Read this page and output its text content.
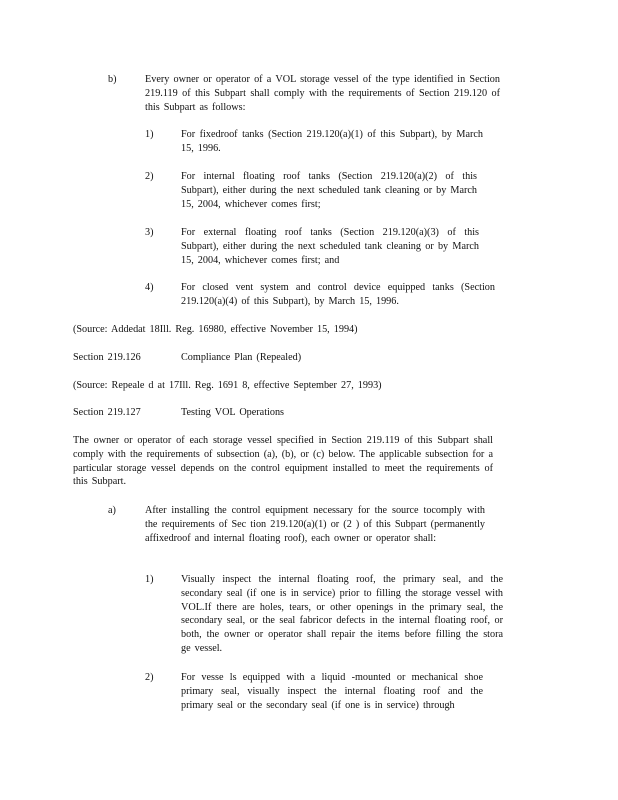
b)	Every owner or operator of a VOL storage vessel of the type identified in Section 219.119 of this Subpart shall comply with the requirements of Section 219.120 of this Subpart as follows:
1)	For fixedroof tanks (Section 219.120(a)(1) of this Subpart), by March 15, 1996.
2)	For internal floating roof tanks (Section 219.120(a)(2) of this Subpart), either during the next scheduled tank cleaning or by March 15, 2004, whichever comes first;
3)	For external floating roof tanks (Section 219.120(a)(3) of this Subpart), either during the next scheduled tank cleaning or by March 15, 2004, whichever comes first; and
4)	For closed vent system and control device equipped tanks (Section 219.120(a)(4) of this Subpart), by March 15, 1996.
(Source: Addedat 18Ill. Reg. 16980, effective November 15, 1994)
Section 219.126	Compliance Plan (Repealed)
(Source: Repeale d at 17Ill. Reg. 1691 8, effective September 27, 1993)
Section 219.127	Testing VOL Operations
The owner or operator of each storage vessel specified in Section 219.119 of this Subpart shall comply with the requirements of subsection (a), (b), or (c) below. The applicable subsection for a particular storage vessel depends on the control equipment installed to meet the requirements of this Subpart.
a)	After installing the control equipment necessary for the source tocomply with the requirements of Sec tion 219.120(a)(1) or (2 ) of this Subpart (permanently affixedroof and internal floating roof), each owner or operator shall:
1)	Visually inspect the internal floating roof, the primary seal, and the secondary seal (if one is in service) prior to filling the storage vessel with VOL.If there are holes, tears, or other openings in the primary seal, the secondary seal, or the seal fabricor defects in the internal floating roof, or both, the owner or operator shall repair the items before filling the stora ge vessel.
2)	For vesse ls equipped with a liquid -mounted or mechanical shoe primary seal, visually inspect the internal floating roof and the primary seal or the secondary seal (if one is in service) through
